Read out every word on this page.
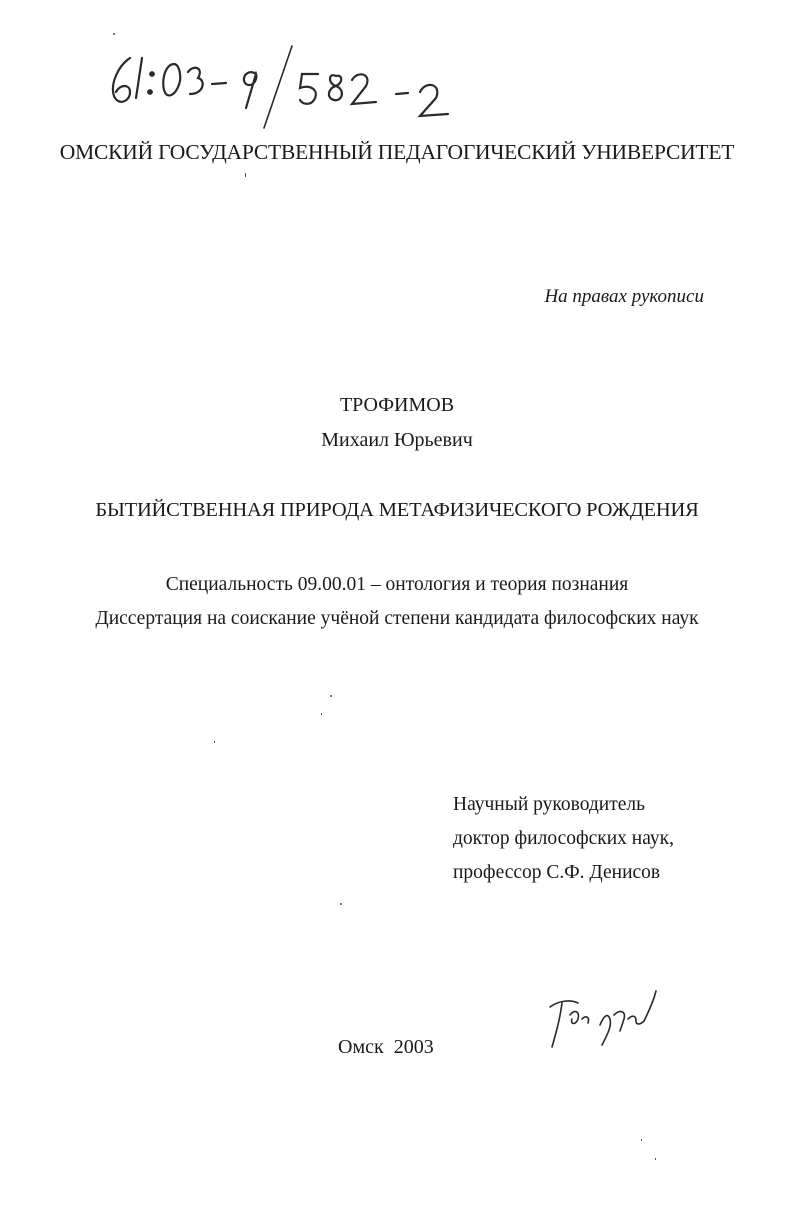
ОМСКИЙ ГОСУДАРСТВЕННЫЙ ПЕДАГОГИЧЕСКИЙ УНИВЕРСИТЕТ
На правах рукописи
ТРОФИМОВ
Михаил Юрьевич
БЫТИЙСТВЕННАЯ ПРИРОДА МЕТАФИЗИЧЕСКОГО РОЖДЕНИЯ
Специальность 09.00.01 – онтология и теория познания
Диссертация на соискание учёной степени кандидата философских наук
Научный руководитель
доктор философских наук,
профессор С.Ф. Денисов
Омск 2003
